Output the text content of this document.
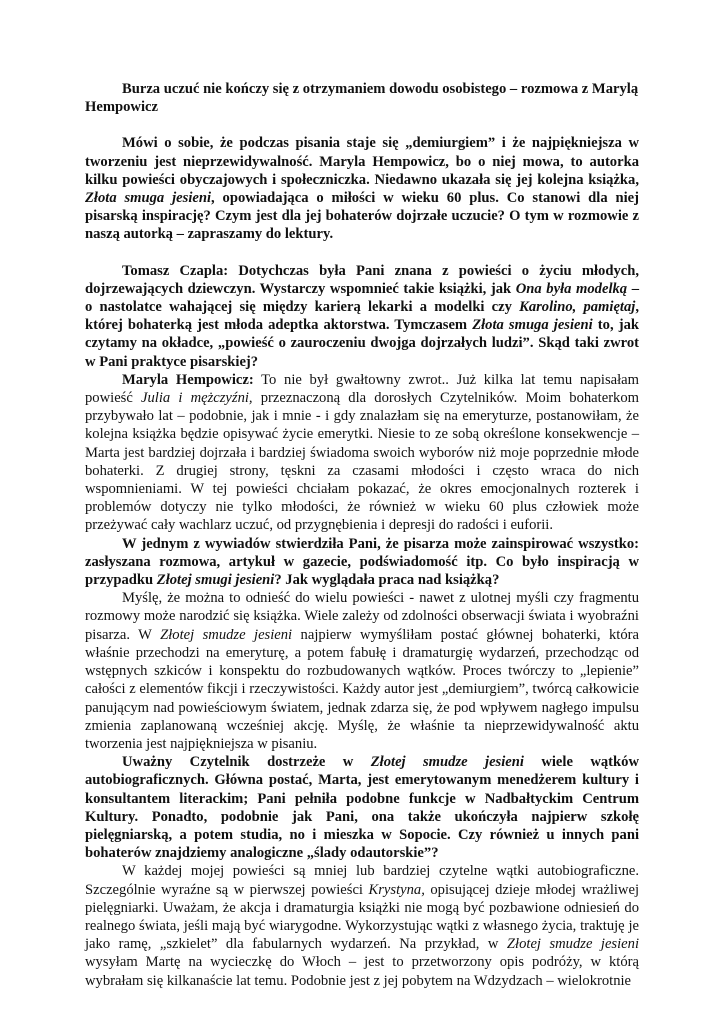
Burza uczuć nie kończy się z otrzymaniem dowodu osobistego – rozmowa z Marylą Hempowicz

Mówi o sobie, że podczas pisania staje się „demiurgiem” i że najpiękniejsza w tworzeniu jest nieprzewidywalność. Maryla Hempowicz, bo o niej mowa, to autorka kilku powieści obyczajowych i społeczniczka. Niedawno ukazała się jej kolejna książka, Złota smuga jesieni, opowiadająca o miłości w wieku 60 plus. Co stanowi dla niej pisarską inspirację? Czym jest dla jej bohaterów dojrzałe uczucie? O tym w rozmowie z naszą autorką – zapraszamy do lektury.

Tomasz Czapla: Dotychczas była Pani znana z powieści o życiu młodych, dojrzewających dziewczyn. Wystarczy wspomnieć takie książki, jak Ona była modelką – o nastolatce wahającej się między karierą lekarki a modelki czy Karolino, pamiętaj, której bohaterką jest młoda adeptka aktorstwa. Tymczasem Złota smuga jesieni to, jak czytamy na okładce, „powieść o zauroczeniu dwojga dojrzałych ludzi”. Skąd taki zwrot w Pani praktyce pisarskiej?

Maryla Hempowicz: To nie był gwałtowny zwrot.. Już kilka lat temu napisałam powieść Julia i mężczyźni, przeznaczoną dla dorosłych Czytelników. Moim bohaterkom przybywało lat – podobnie, jak i mnie - i gdy znalazłam się na emeryturze, postanowiłam, że kolejna książka będzie opisywać życie emerytki. Niesie to ze sobą określone konsekwencje – Marta jest bardziej dojrzała i bardziej świadoma swoich wyborów niż moje poprzednie młode bohaterki. Z drugiej strony, tęskni za czasami młodości i często wraca do nich wspomnieniami. W tej powieści chciałam pokazać, że okres emocjonalnych rozterek i problemów dotyczy nie tylko młodości, że również w wieku 60 plus człowiek może przeżywać cały wachlarz uczuć, od przygnębienia i depresji do radości i euforii.

W jednym z wywiadów stwierdziła Pani, że pisarza może zainspirować wszystko: zasłyszana rozmowa, artykuł w gazecie, podświadomość itp. Co było inspiracją w przypadku Złotej smugi jesieni? Jak wyglądała praca nad książką?

Myślę, że można to odnieść do wielu powieści - nawet z ulotnej myśli czy fragmentu rozmowy może narodzić się książka. Wiele zależy od zdolności obserwacji świata i wyobraźni pisarza. W Złotej smudze jesieni najpierw wymyśliłam postać głównej bohaterki, która właśnie przechodzi na emeryturę, a potem fabułę i dramaturgię wydarzeń, przechodząc od wstępnych szkiców i konspektu do rozbudowanych wątków. Proces twórczy to „lepienie” całości z elementów fikcji i rzeczywistości. Każdy autor jest „demiurgiem”, twórcą całkowicie panującym nad powieściowym światem, jednak zdarza się, że pod wpływem nagłego impulsu zmienia zaplanowaną wcześniej akcję. Myślę, że właśnie ta nieprzewidywalność aktu tworzenia jest najpiękniejsza w pisaniu.

Uważny Czytelnik dostrzeże w Złotej smudze jesieni wiele wątków autobiograficznych. Główna postać, Marta, jest emerytowanym menedżerem kultury i konsultantem literackim; Pani pełniła podobne funkcje w Nadbałtyckim Centrum Kultury. Ponadto, podobnie jak Pani, ona także ukończyła najpierw szkołę pielęgniarską, a potem studia, no i mieszka w Sopocie. Czy również u innych pani bohaterów znajdziemy analogiczne „ślady odautorskie”?

W każdej mojej powieści są mniej lub bardziej czytelne wątki autobiograficzne. Szczególnie wyraźne są w pierwszej powieści Krystyna, opisującej dzieje młodej wrażliwej pielęgniarki. Uważam, że akcja i dramaturgia książki nie mogą być pozbawione odniesień do realnego świata, jeśli mają być wiarygodne. Wykorzystując wątki z własnego życia, traktuję je jako ramę, „szkielet” dla fabularnych wydarzeń. Na przykład, w Złotej smudze jesieni wysyłam Martę na wycieczkę do Włoch – jest to przetworzony opis podróży, w którą wybrałam się kilkanaście lat temu. Podobnie jest z jej pobytem na Wdzydzach – wielokrotnie
